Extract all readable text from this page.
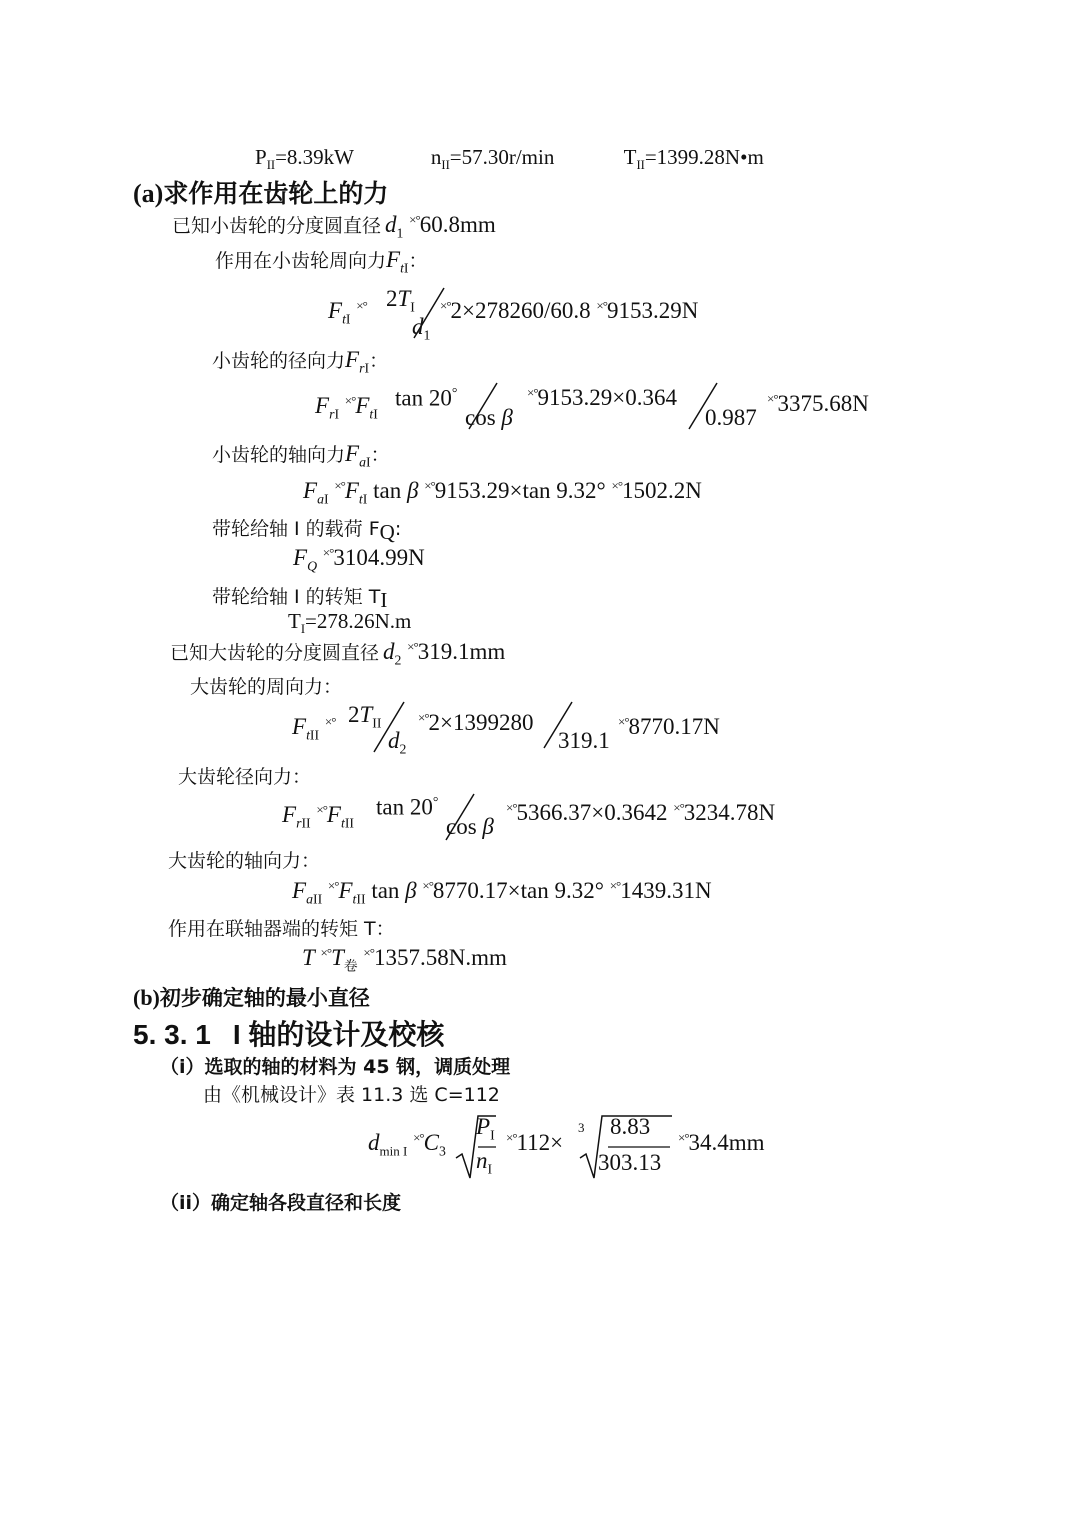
$P_{II}=8.39kW$	$n_{II}=57.30r/\min$	$T_{II}=1399.28N•m$
(a)求作用在齿轮上的力
已知小齿轮的分度圆直径 $d_1$ ×°60.8mm
作用在小齿轮周向力$F_{tI}$：
$F_{tI}$ ×° $2T_I$
$d_1$
×°2×278260/60.8 ×°9153.29N
小齿轮的径向力$F_{rI}$：
$F_{rI}$ $^{\times^\circ}F_{tI}$
tan 20°
cos β
×°9153.29×0.364
0.987
×°3375.68N
小齿轮的轴向力$F_{aI}$：
$F_{aI}$ $^{\times^\circ}F_{tI}$ tan β ×°9153.29×tan 9.32° ×°1502.2N
带轮给轴 I 的载荷 $F_Q$:
$F_Q$ ×°3104.99N
带轮给轴 I 的转矩 $T_I$
$T_I=278.26N.m$
已知大齿轮的分度圆直径 $d_2$ ×°319.1mm
大齿轮的周向力：
$F_{tII}$ ×° $2T_{II}$
$d_2$
×°2×1399280
319.1
×°8770.17N
大齿轮径向力：
$F_{rII}$ $^{\times^\circ}F_{tII}$
tan 20°
cos β
×°5366.37×0.3642 ×°3234.78N
大齿轮的轴向力：
$F_{aII}$ $^{\times^\circ}F_{tII}$ tan β ×°8770.17×tan 9.32° ×°1439.31N
作用在联轴器端的转矩 T：
T $^{\times^\circ}T_卷$ ×°1357.58N.mm
(b)初步确定轴的最小直径
5. 3. 1 I 轴的设计及校核
（i）选取的轴的材料为 45 钢，调质处理
由《机械设计》表 11.3 选 C=112
$d_{min I}$ $^{\times^\circ}C_3$
$P_I$
$n_I$
×°112×
3 8.83
303.13
×°34.4mm
（ii）确定轴各段直径和长度
